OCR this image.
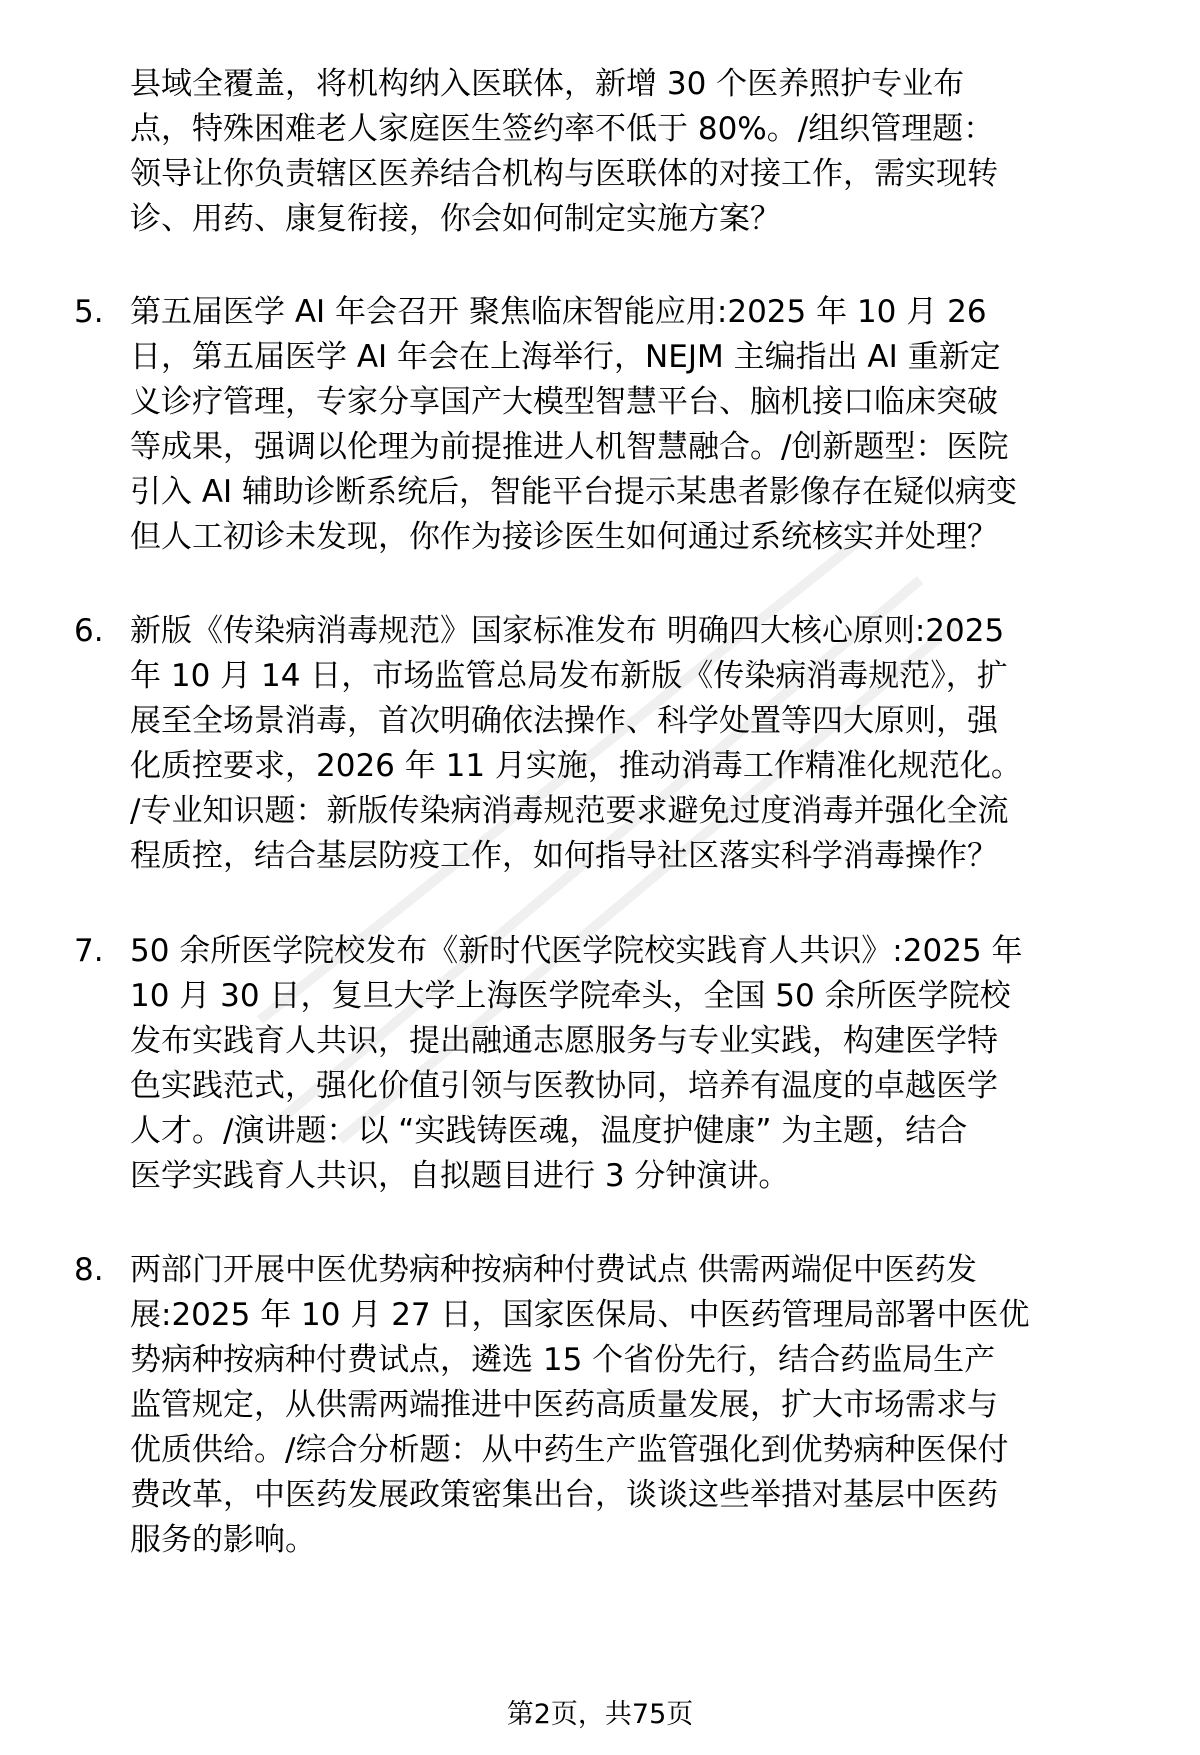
县域全覆盖，将机构纳入医联体，新增 30 个医养照护专业布
点，特殊困难老人家庭医生签约率不低于 80%。/组织管理题：
领导让你负责辖区医养结合机构与医联体的对接工作，需实现转
诊、用药、康复衔接，你会如何制定实施方案？
5. 第五届医学 AI 年会召开 聚焦临床智能应用:2025 年 10 月 26
日，第五届医学 AI 年会在上海举行，NEJM 主编指出 AI 重新定
义诊疗管理，专家分享国产大模型智慧平台、脑机接口临床突破
等成果，强调以伦理为前提推进人机智慧融合。/创新题型：医院
引入 AI 辅助诊断系统后，智能平台提示某患者影像存在疑似病变
但人工初诊未发现，你作为接诊医生如何通过系统核实并处理？
6. 新版《传染病消毒规范》国家标准发布 明确四大核心原则:2025
年 10 月 14 日，市场监管总局发布新版《传染病消毒规范》，扩
展至全场景消毒，首次明确依法操作、科学处置等四大原则，强
化质控要求，2026 年 11 月实施，推动消毒工作精准化规范化。
/专业知识题：新版传染病消毒规范要求避免过度消毒并强化全流
程质控，结合基层防疫工作，如何指导社区落实科学消毒操作？
7. 50 余所医学院校发布《新时代医学院校实践育人共识》:2025 年
10 月 30 日，复旦大学上海医学院牵头，全国 50 余所医学院校
发布实践育人共识，提出融通志愿服务与专业实践，构建医学特
色实践范式，强化价值引领与医教协同，培养有温度的卓越医学
人才。/演讲题：以 “实践铸医魂，温度护健康” 为主题，结合
医学实践育人共识，自拟题目进行 3 分钟演讲。
8. 两部门开展中医优势病种按病种付费试点 供需两端促中医药发
展:2025 年 10 月 27 日，国家医保局、中医药管理局部署中医优
势病种按病种付费试点，遴选 15 个省份先行，结合药监局生产
监管规定，从供需两端推进中医药高质量发展，扩大市场需求与
优质供给。/综合分析题：从中药生产监管强化到优势病种医保付
费改革，中医药发展政策密集出台，谈谈这些举措对基层中医药
服务的影响。
第2页，共75页
